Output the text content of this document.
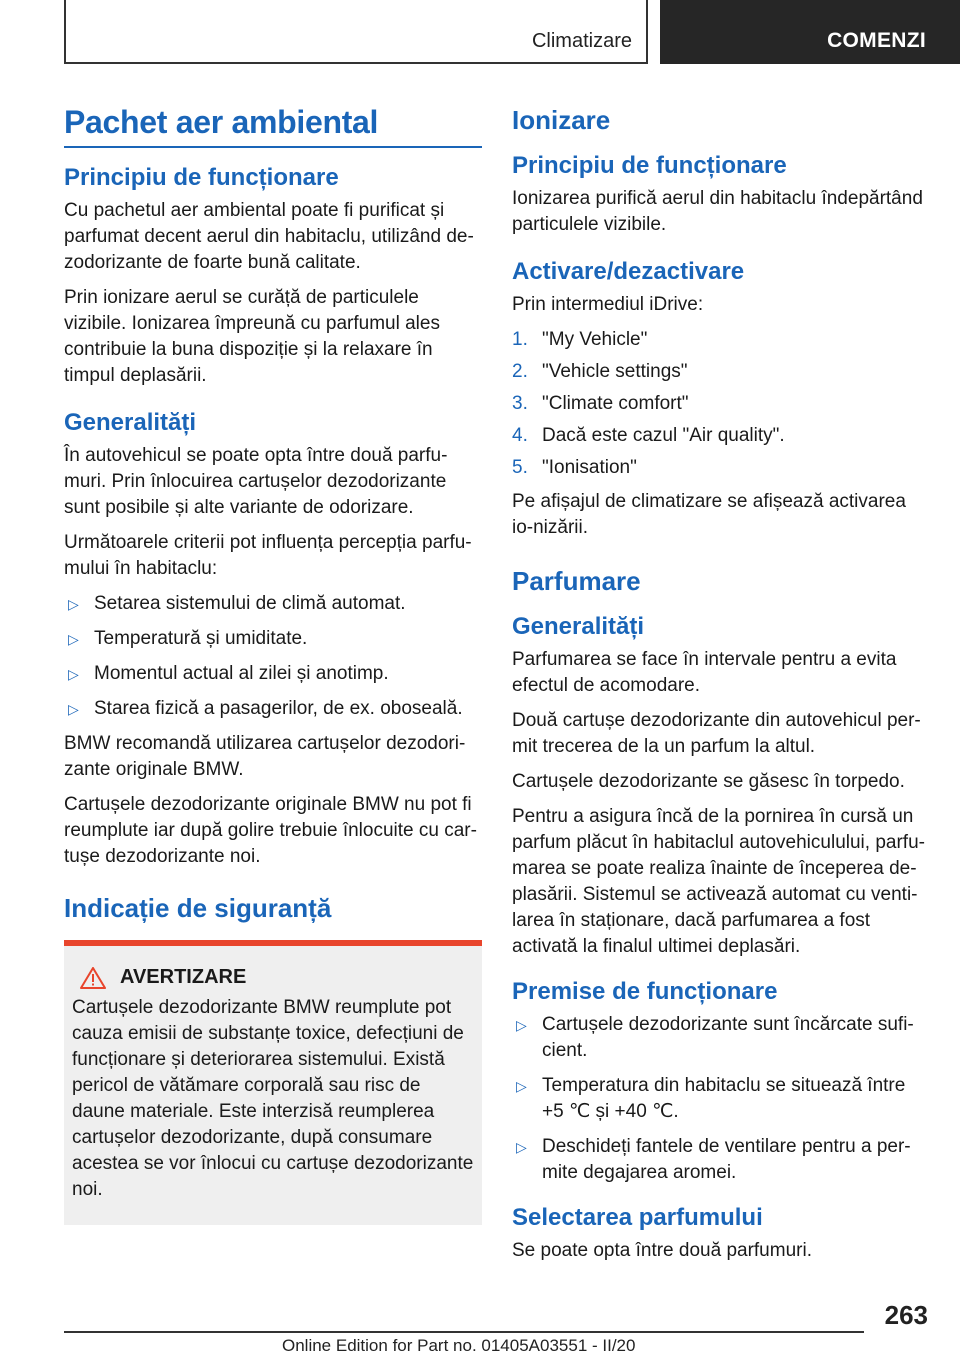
Climatizare	COMENZI
Pachet aer ambiental
Principiu de funcționare

Cu pachetul aer ambiental poate fi purificat și parfumat decent aerul din habitaclu, utilizând de-zodorizante de foarte bună calitate.

Prin ionizare aerul se curăță de particulele vizibile. Ionizarea împreună cu parfumul ales contribuie la buna dispoziție și la relaxare în timpul deplasării.

Generalități

În autovehicul se poate opta între două parfu-muri. Prin înlocuirea cartușelor dezodorizante sunt posibile și alte variante de odorizare.

Următoarele criterii pot influența percepția parfu-mului în habitaclu:

▷ Setarea sistemului de climă automat.
▷ Temperatură și umiditate.
▷ Momentul actual al zilei și anotimp.
▷ Starea fizică a pasagerilor, de ex. oboseală.

BMW recomandă utilizarea cartușelor dezodori-zante originale BMW.

Cartușele dezodorizante originale BMW nu pot fi reumplute iar după golire trebuie înlocuite cu car-tușe dezodorizante noi.

Indicație de siguranță
AVERTIZARE

Cartușele dezodorizante BMW reumplute pot cauza emisii de substanțe toxice, defecțiuni de funcționare și deteriorarea sistemului. Există pericol de vătămare corporală sau risc de daune materiale. Este interzisă reumplerea cartușelor dezodorizante, după consumare acestea se vor înlocui cu cartușe dezodorizante noi.

Ionizare
Principiu de funcționare

Ionizarea purifică aerul din habitaclu îndepărtând particulele vizibile.

Activare/dezactivare

Prin intermediul iDrive:

1. "My Vehicle"
2. "Vehicle settings"
3. "Climate comfort"
4. Dacă este cazul "Air quality".
5. "Ionisation"

Pe afișajul de climatizare se afișează activarea io-nizării.

Parfumare
Generalități

Parfumarea se face în intervale pentru a evita efectul de acomodare.

Două cartușe dezodorizante din autovehicul per-mit trecerea de la un parfum la altul.

Cartușele dezodorizante se găsesc în torpedo.

Pentru a asigura încă de la pornirea în cursă un parfum plăcut în habitaclul autovehiculului, parfu-marea se poate realiza înainte de începerea de-plasării. Sistemul se activează automat cu venti-larea în staționare, dacă parfumarea a fost activată la finalul ultimei deplasări.

Premise de funcționare
▷ Cartușele dezodorizante sunt încărcate sufi-cient.
▷ Temperatura din habitaclu se situează între +5 ℃ și +40 ℃.
▷ Deschideți fantele de ventilare pentru a per-mite degajarea aromei.
Selectarea parfumului

Se poate opta între două parfumuri.

263
Online Edition for Part no. 01405A03551 - II/20
